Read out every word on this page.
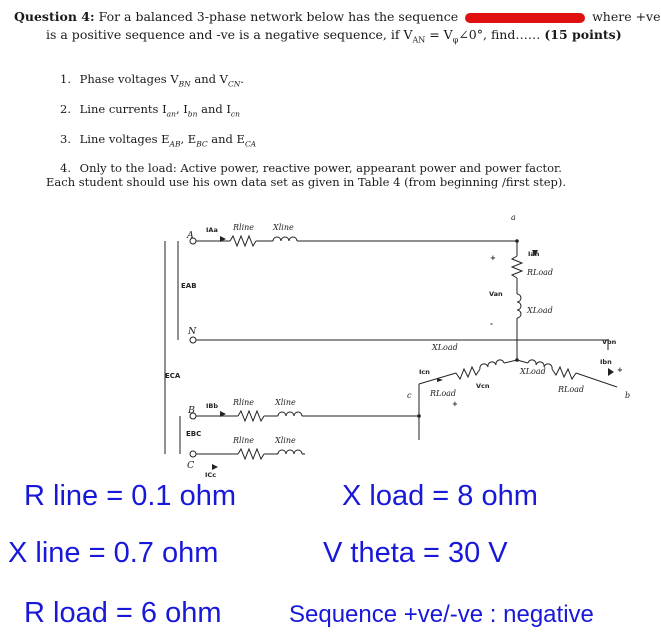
Question 4: For a balanced 3-phase network below has the sequence	where +ve
is a positive sequence and -ve is a negative sequence, if $V_{AN}$ = $V_\varphi\angle 0^\circ$, find…… (15 points)
1. Phase voltages $V_{BN}$ and $V_{CN}$.
2. Line currents $I_{an}$, $I_{bn}$ and $I_{cn}$
3. Line voltages $E_{AB}$, $E_{BC}$ and $E_{CA}$
4. Only to the load: Active power, reactive power, appearant power and power factor.
Each student should use his own data set as given in Table 4 (from beginning /first step).
A
N
B
C
a
b
c
EAB
ECA
EBC
IAa
IBb
ICc
Ian
Ibn
Icn
Van
Vbn
Vcn
Rline Xline
Rline	Xline
Rline	Xline
RLoad
XLoad
XLoad
RLoad
XLoad
RLoad
+
-
+
+
R line = 0.1 ohm	X load = 8 ohm
X line = 0.7 ohm	V theta = 30 V
R load = 6 ohm	Sequence +ve/-ve : negative
